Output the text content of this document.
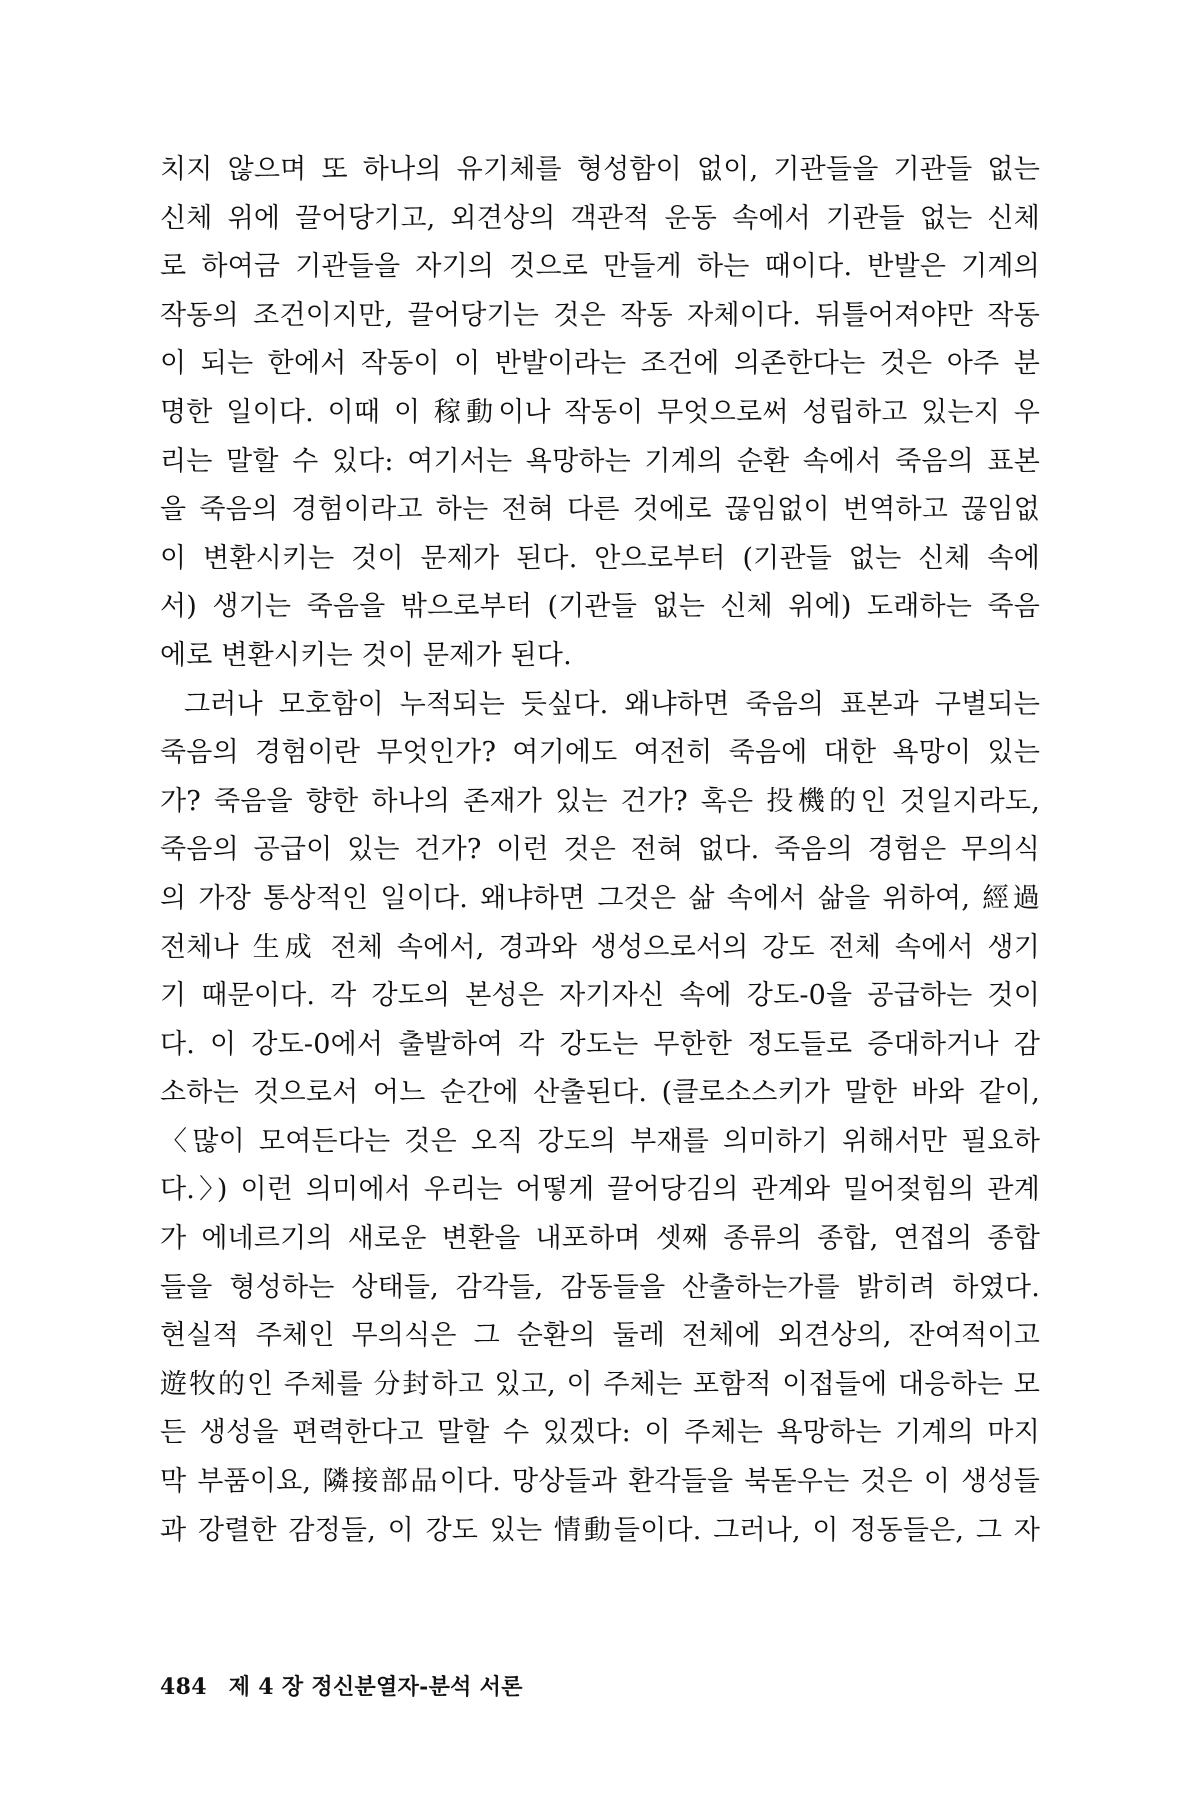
치지 않으며 또 하나의 유기체를 형성함이 없이, 기관들을 기관들 없는
신체 위에 끌어당기고, 외견상의 객관적 운동 속에서 기관들 없는 신체
로 하여금 기관들을 자기의 것으로 만들게 하는 때이다. 반발은 기계의
작동의 조건이지만, 끌어당기는 것은 작동 자체이다. 뒤틀어져야만 작동
이 되는 한에서 작동이 이 반발이라는 조건에 의존한다는 것은 아주 분
명한 일이다. 이때 이 稼動이나 작동이 무엇으로써 성립하고 있는지 우
리는 말할 수 있다: 여기서는 욕망하는 기계의 순환 속에서 죽음의 표본
을 죽음의 경험이라고 하는 전혀 다른 것에로 끊임없이 번역하고 끊임없
이 변환시키는 것이 문제가 된다. 안으로부터 (기관들 없는 신체 속에
서) 생기는 죽음을 밖으로부터 (기관들 없는 신체 위에) 도래하는 죽음
에로 변환시키는 것이 문제가 된다.
그러나 모호함이 누적되는 듯싶다. 왜냐하면 죽음의 표본과 구별되는
죽음의 경험이란 무엇인가? 여기에도 여전히 죽음에 대한 욕망이 있는
가? 죽음을 향한 하나의 존재가 있는 건가? 혹은 投機的인 것일지라도,
죽음의 공급이 있는 건가? 이런 것은 전혀 없다. 죽음의 경험은 무의식
의 가장 통상적인 일이다. 왜냐하면 그것은 삶 속에서 삶을 위하여, 經過
전체나 生成 전체 속에서, 경과와 생성으로서의 강도 전체 속에서 생기
기 때문이다. 각 강도의 본성은 자기자신 속에 강도-0을 공급하는 것이
다. 이 강도-0에서 출발하여 각 강도는 무한한 정도들로 증대하거나 감
소하는 것으로서 어느 순간에 산출된다. (클로소스키가 말한 바와 같이,
〈많이 모여든다는 것은 오직 강도의 부재를 의미하기 위해서만 필요하
다.〉) 이런 의미에서 우리는 어떻게 끌어당김의 관계와 밀어젖힘의 관계
가 에네르기의 새로운 변환을 내포하며 셋째 종류의 종합, 연접의 종합
들을 형성하는 상태들, 감각들, 감동들을 산출하는가를 밝히려 하였다.
현실적 주체인 무의식은 그 순환의 둘레 전체에 외견상의, 잔여적이고
遊牧的인 주체를 分封하고 있고, 이 주체는 포함적 이접들에 대응하는 모
든 생성을 편력한다고 말할 수 있겠다: 이 주체는 욕망하는 기계의 마지
막 부품이요, 隣接部品이다. 망상들과 환각들을 북돋우는 것은 이 생성들
과 강렬한 감정들, 이 강도 있는 情動들이다. 그러나, 이 정동들은, 그 자
484 제 4 장 정신분열자-분석 서론
